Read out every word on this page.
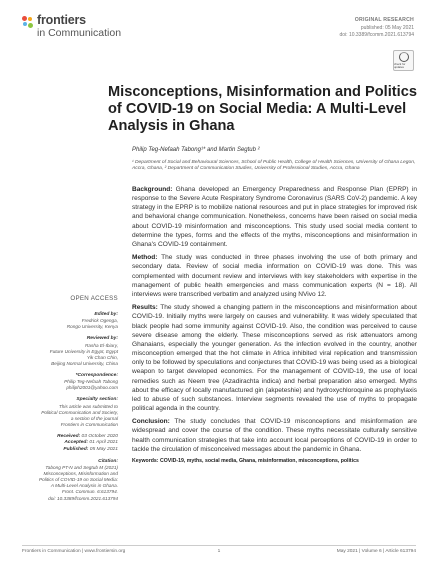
frontiers
in Communication
ORIGINAL RESEARCH
published: 05 May 2021
doi: 10.3389/fcomm.2021.613794
check for updates
Misconceptions, Misinformation and Politics of COVID-19 on Social Media: A Multi-Level Analysis in Ghana
Philip Teg-Nefaah Tabong¹* and Martin Segtub ²
¹ Department of Social and Behavioural Sciences, School of Public Health, College of Health Sciences, University of Ghana Legon, Accra, Ghana, ² Department of Communication Studies, University of Professional Studies, Accra, Ghana

Background: Ghana developed an Emergency Preparedness and Response Plan (EPRP) in response to the Severe Acute Respiratory Syndrome Coronavirus (SARS CoV-2) pandemic. A key strategy in the EPRP is to mobilize national resources and put in place strategies for improved risk and behavioral change communication. Nonetheless, concerns have been raised on social media about COVID-19 misinformation and misconceptions. This study used social media content to determine the types, forms and the effects of the myths, misconceptions and misinformation in Ghana's COVID-19 containment.

Method: The study was conducted in three phases involving the use of both primary and secondary data. Review of social media information on COVID-19 was done. This was complemented with document review and interviews with key stakeholders with expertise in the management of public health emergencies and mass communication experts (N = 18). All interviews were transcribed verbatim and analyzed using NVivo 12.

Results: The study showed a changing pattern in the misconceptions and misinformation about COVID-19. Initially myths were largely on causes and vulnerability. It was widely speculated that black people had some immunity against COVID-19. Also, the condition was perceived to cause severe disease among the elderly. These misconceptions served as risk attenuators among Ghanaians, especially the younger generation. As the infection evolved in the country, another misconception emerged that the hot climate in Africa inhibited viral replication and transmission only to be followed by speculations and conjectures that COVID-19 was being used as a biological weapon to target developed economics. For the management of COVID-19, the use of local remedies such as Neem tree (Azadirachta indica) and herbal preparation also emerged. Myths about the efficacy of locally manufactured gin (akpeteshie) and hydroxychloroquine as prophylaxis led to abuse of such substances. Interview segments revealed the use of myths to propagate political agenda in the country.

Conclusion: The study concludes that COVID-19 misconceptions and misinformation are widespread and cover the course of the condition. These myths necessitate culturally sensitive health communication strategies that take into account local perceptions of COVID-19 in order to tackle the circulation of misconceived messages about the pandemic in Ghana.

Keywords: COVID-19, myths, social media, Ghana, misinformation, misconceptions, politics

OPEN ACCESS
Edited by:
Fredrick Ogenga,
Rongo University, Kenya
Reviewed by:
Rasha El-Ibiary,
Future University in Egypt, Egypt
Yik Chan Chin,
Beijing Normal University, China
*Correspondence:
Philip Teg-Nefaah Tabong
philiph2001@yahoo.com
Specialty section:
This article was submitted to
Political Communication and Society,
a section of the journal
Frontiers in Communication
Received: 03 October 2020
Accepted: 01 April 2021
Published: 05 May 2021
Citation:
Tabong PT-N and Segtub M (2021)
Misconceptions, Misinformation and
Politics of COVID-19 on Social Media:
A Multi-Level Analysis in Ghana.
Front. Commun. 6:613794.
doi: 10.3389/fcomm.2021.613794
Frontiers in Communication | www.frontiersin.org	1	May 2021 | Volume 6 | Article 613794
